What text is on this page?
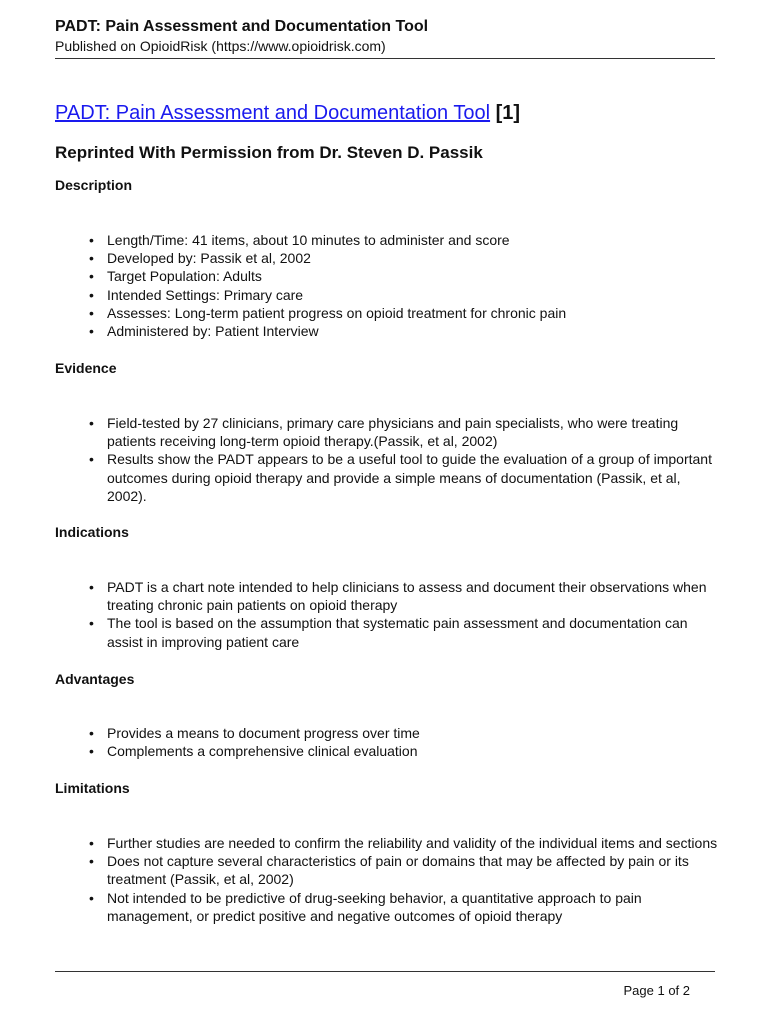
PADT: Pain Assessment and Documentation Tool
Published on OpioidRisk (https://www.opioidrisk.com)
PADT: Pain Assessment and Documentation Tool [1]
Reprinted With Permission from Dr. Steven D. Passik
Description
• Length/Time: 41 items, about 10 minutes to administer and score
• Developed by: Passik et al, 2002
• Target Population: Adults
• Intended Settings: Primary care
• Assesses: Long-term patient progress on opioid treatment for chronic pain
• Administered by: Patient Interview
Evidence
• Field-tested by 27 clinicians, primary care physicians and pain specialists, who were treating patients receiving long-term opioid therapy.(Passik, et al, 2002)
• Results show the PADT appears to be a useful tool to guide the evaluation of a group of important outcomes during opioid therapy and provide a simple means of documentation (Passik, et al, 2002).
Indications
• PADT is a chart note intended to help clinicians to assess and document their observations when treating chronic pain patients on opioid therapy
• The tool is based on the assumption that systematic pain assessment and documentation can assist in improving patient care
Advantages
• Provides a means to document progress over time
• Complements a comprehensive clinical evaluation
Limitations
• Further studies are needed to confirm the reliability and validity of the individual items and sections
• Does not capture several characteristics of pain or domains that may be affected by pain or its treatment (Passik, et al, 2002)
• Not intended to be predictive of drug-seeking behavior, a quantitative approach to pain management, or predict positive and negative outcomes of opioid therapy
Page 1 of 2
